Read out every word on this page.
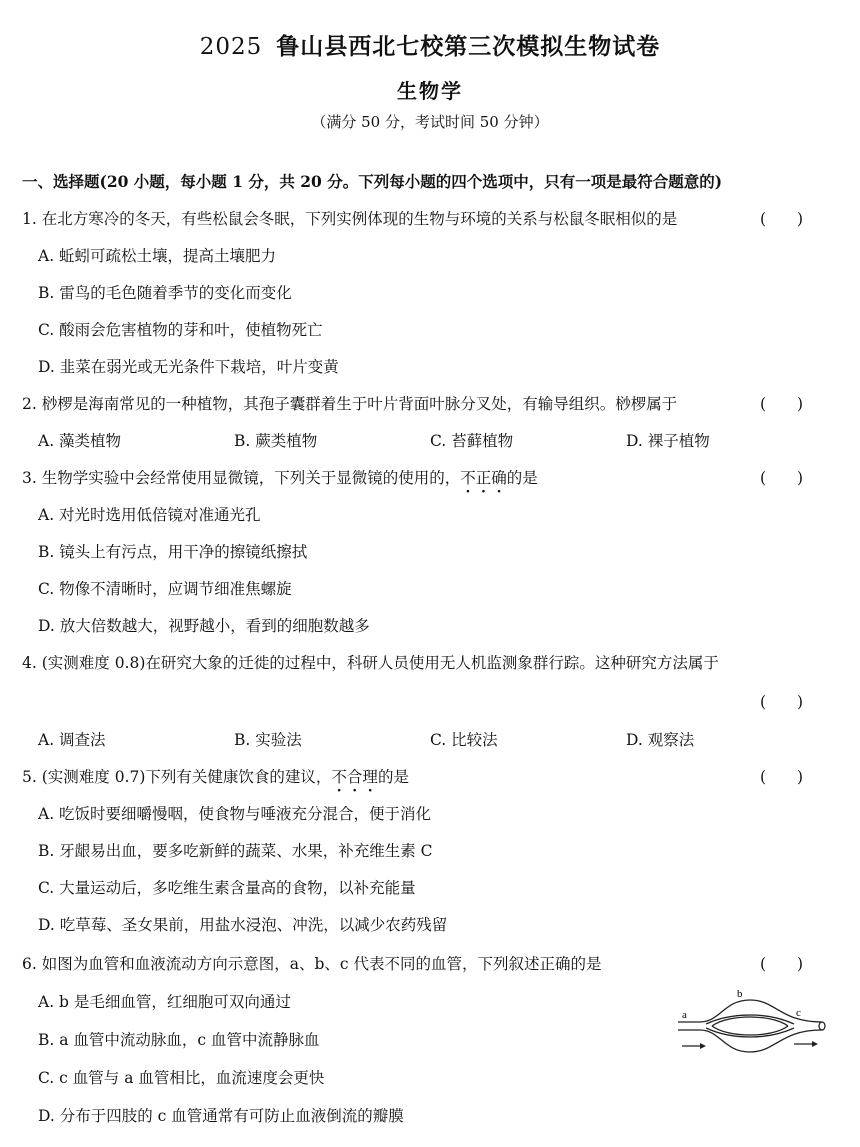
2025 鲁山县西北七校第三次模拟生物试卷
生物学
（满分 50 分，考试时间 50 分钟）
一、选择题(20 小题，每小题 1 分，共 20 分。下列每小题的四个选项中，只有一项是最符合题意的)
1. 在北方寒冷的冬天，有些松鼠会冬眠，下列实例体现的生物与环境的关系与松鼠冬眠相似的是	(　　)
A. 蚯蚓可疏松土壤，提高土壤肥力
B. 雷鸟的毛色随着季节的变化而变化
C. 酸雨会危害植物的芽和叶，使植物死亡
D. 韭菜在弱光或无光条件下栽培，叶片变黄
2. 桫椤是海南常见的一种植物，其孢子囊群着生于叶片背面叶脉分叉处，有输导组织。桫椤属于	(　　)
A. 藻类植物	B. 蕨类植物	C. 苔藓植物	D. 裸子植物
3. 生物学实验中会经常使用显微镜，下列关于显微镜的使用的，不正确的是	(　　)
A. 对光时选用低倍镜对准通光孔
B. 镜头上有污点，用干净的擦镜纸擦拭
C. 物像不清晰时，应调节细准焦螺旋
D. 放大倍数越大，视野越小，看到的细胞数越多
4. (实测难度 0.8)在研究大象的迁徙的过程中，科研人员使用无人机监测象群行踪。这种研究方法属于
(　　)
A. 调查法	B. 实验法	C. 比较法	D. 观察法
5. (实测难度 0.7)下列有关健康饮食的建议，不合理的是	(　　)
A. 吃饭时要细嚼慢咽，使食物与唾液充分混合，便于消化
B. 牙龈易出血，要多吃新鲜的蔬菜、水果，补充维生素 C
C. 大量运动后，多吃维生素含量高的食物，以补充能量
D. 吃草莓、圣女果前，用盐水浸泡、冲洗，以减少农药残留
6. 如图为血管和血液流动方向示意图，a、b、c 代表不同的血管，下列叙述正确的是	(　　)
A. b 是毛细血管，红细胞可双向通过
B. a 血管中流动脉血，c 血管中流静脉血
C. c 血管与 a 血管相比，血流速度会更快
D. 分布于四肢的 c 血管通常有可防止血液倒流的瓣膜
a
b
c
